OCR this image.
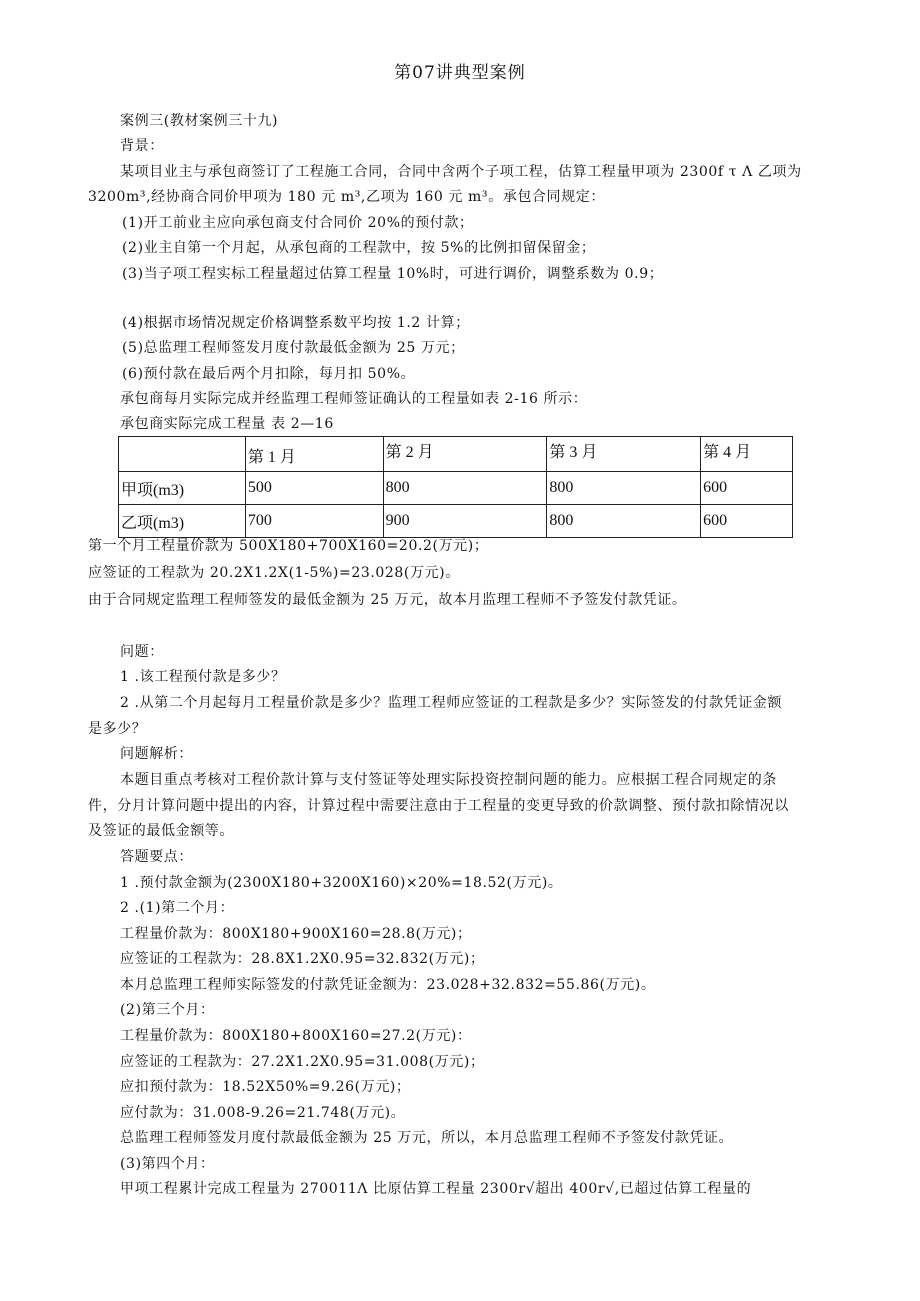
第07讲典型案例
案例三(教材案例三十九)
背景：
某项目业主与承包商签订了工程施工合同，合同中含两个子项工程，估算工程量甲项为 2300f τ Λ 乙项为
3200m³,经协商合同价甲项为 180 元 m³,乙项为 160 元 m³。承包合同规定：
(1)开工前业主应向承包商支付合同价 20%的预付款；
(2)业主自第一个月起，从承包商的工程款中，按 5%的比例扣留保留金；
(3)当子项工程实标工程量超过估算工程量 10%时，可进行调价，调整系数为 0.9；
(4)根据市场情况规定价格调整系数平均按 1.2 计算；
(5)总监理工程师签发月度付款最低金额为 25 万元；
(6)预付款在最后两个月扣除，每月扣 50%。
承包商每月实际完成并经监理工程师签证确认的工程量如表 2-16 所示：
承包商实际完成工程量 表 2—16
	第 1 月	第 2 月	第 3 月	第 4 月
甲项(m3)	500	800	800	600
乙项(m3)	700	900	800	600
第一个月工程量价款为 500X180+700X160=20.2(万元)；
应签证的工程款为 20.2X1.2X(1-5%)=23.028(万元)。
由于合同规定监理工程师签发的最低金额为 25 万元，故本月监理工程师不予签发付款凭证。
问题：
1 .该工程预付款是多少？
2 .从第二个月起每月工程量价款是多少？监理工程师应签证的工程款是多少？实际签发的付款凭证金额
是多少？
问题解析：
本题目重点考核对工程价款计算与支付签证等处理实际投资控制问题的能力。应根据工程合同规定的条
件，分月计算问题中提出的内容，计算过程中需要注意由于工程量的变更导致的价款调整、预付款扣除情况以
及签证的最低金额等。
答题要点：
1 .预付款金额为(2300X180+3200X160)×20%=18.52(万元)。
2 .(1)第二个月：
工程量价款为：800X180+900X160=28.8(万元)；
应签证的工程款为：28.8X1.2X0.95=32.832(万元)；
本月总监理工程师实际签发的付款凭证金额为：23.028+32.832=55.86(万元)。
(2)第三个月：
工程量价款为：800X180+800X160=27.2(万元)：
应签证的工程款为：27.2X1.2X0.95=31.008(万元)；
应扣预付款为：18.52X50%=9.26(万元)；
应付款为：31.008-9.26=21.748(万元)。
总监理工程师签发月度付款最低金额为 25 万元，所以，本月总监理工程师不予签发付款凭证。
(3)第四个月：
甲项工程累计完成工程量为 270011Λ 比原估算工程量 2300r√超出 400r√,已超过估算工程量的
